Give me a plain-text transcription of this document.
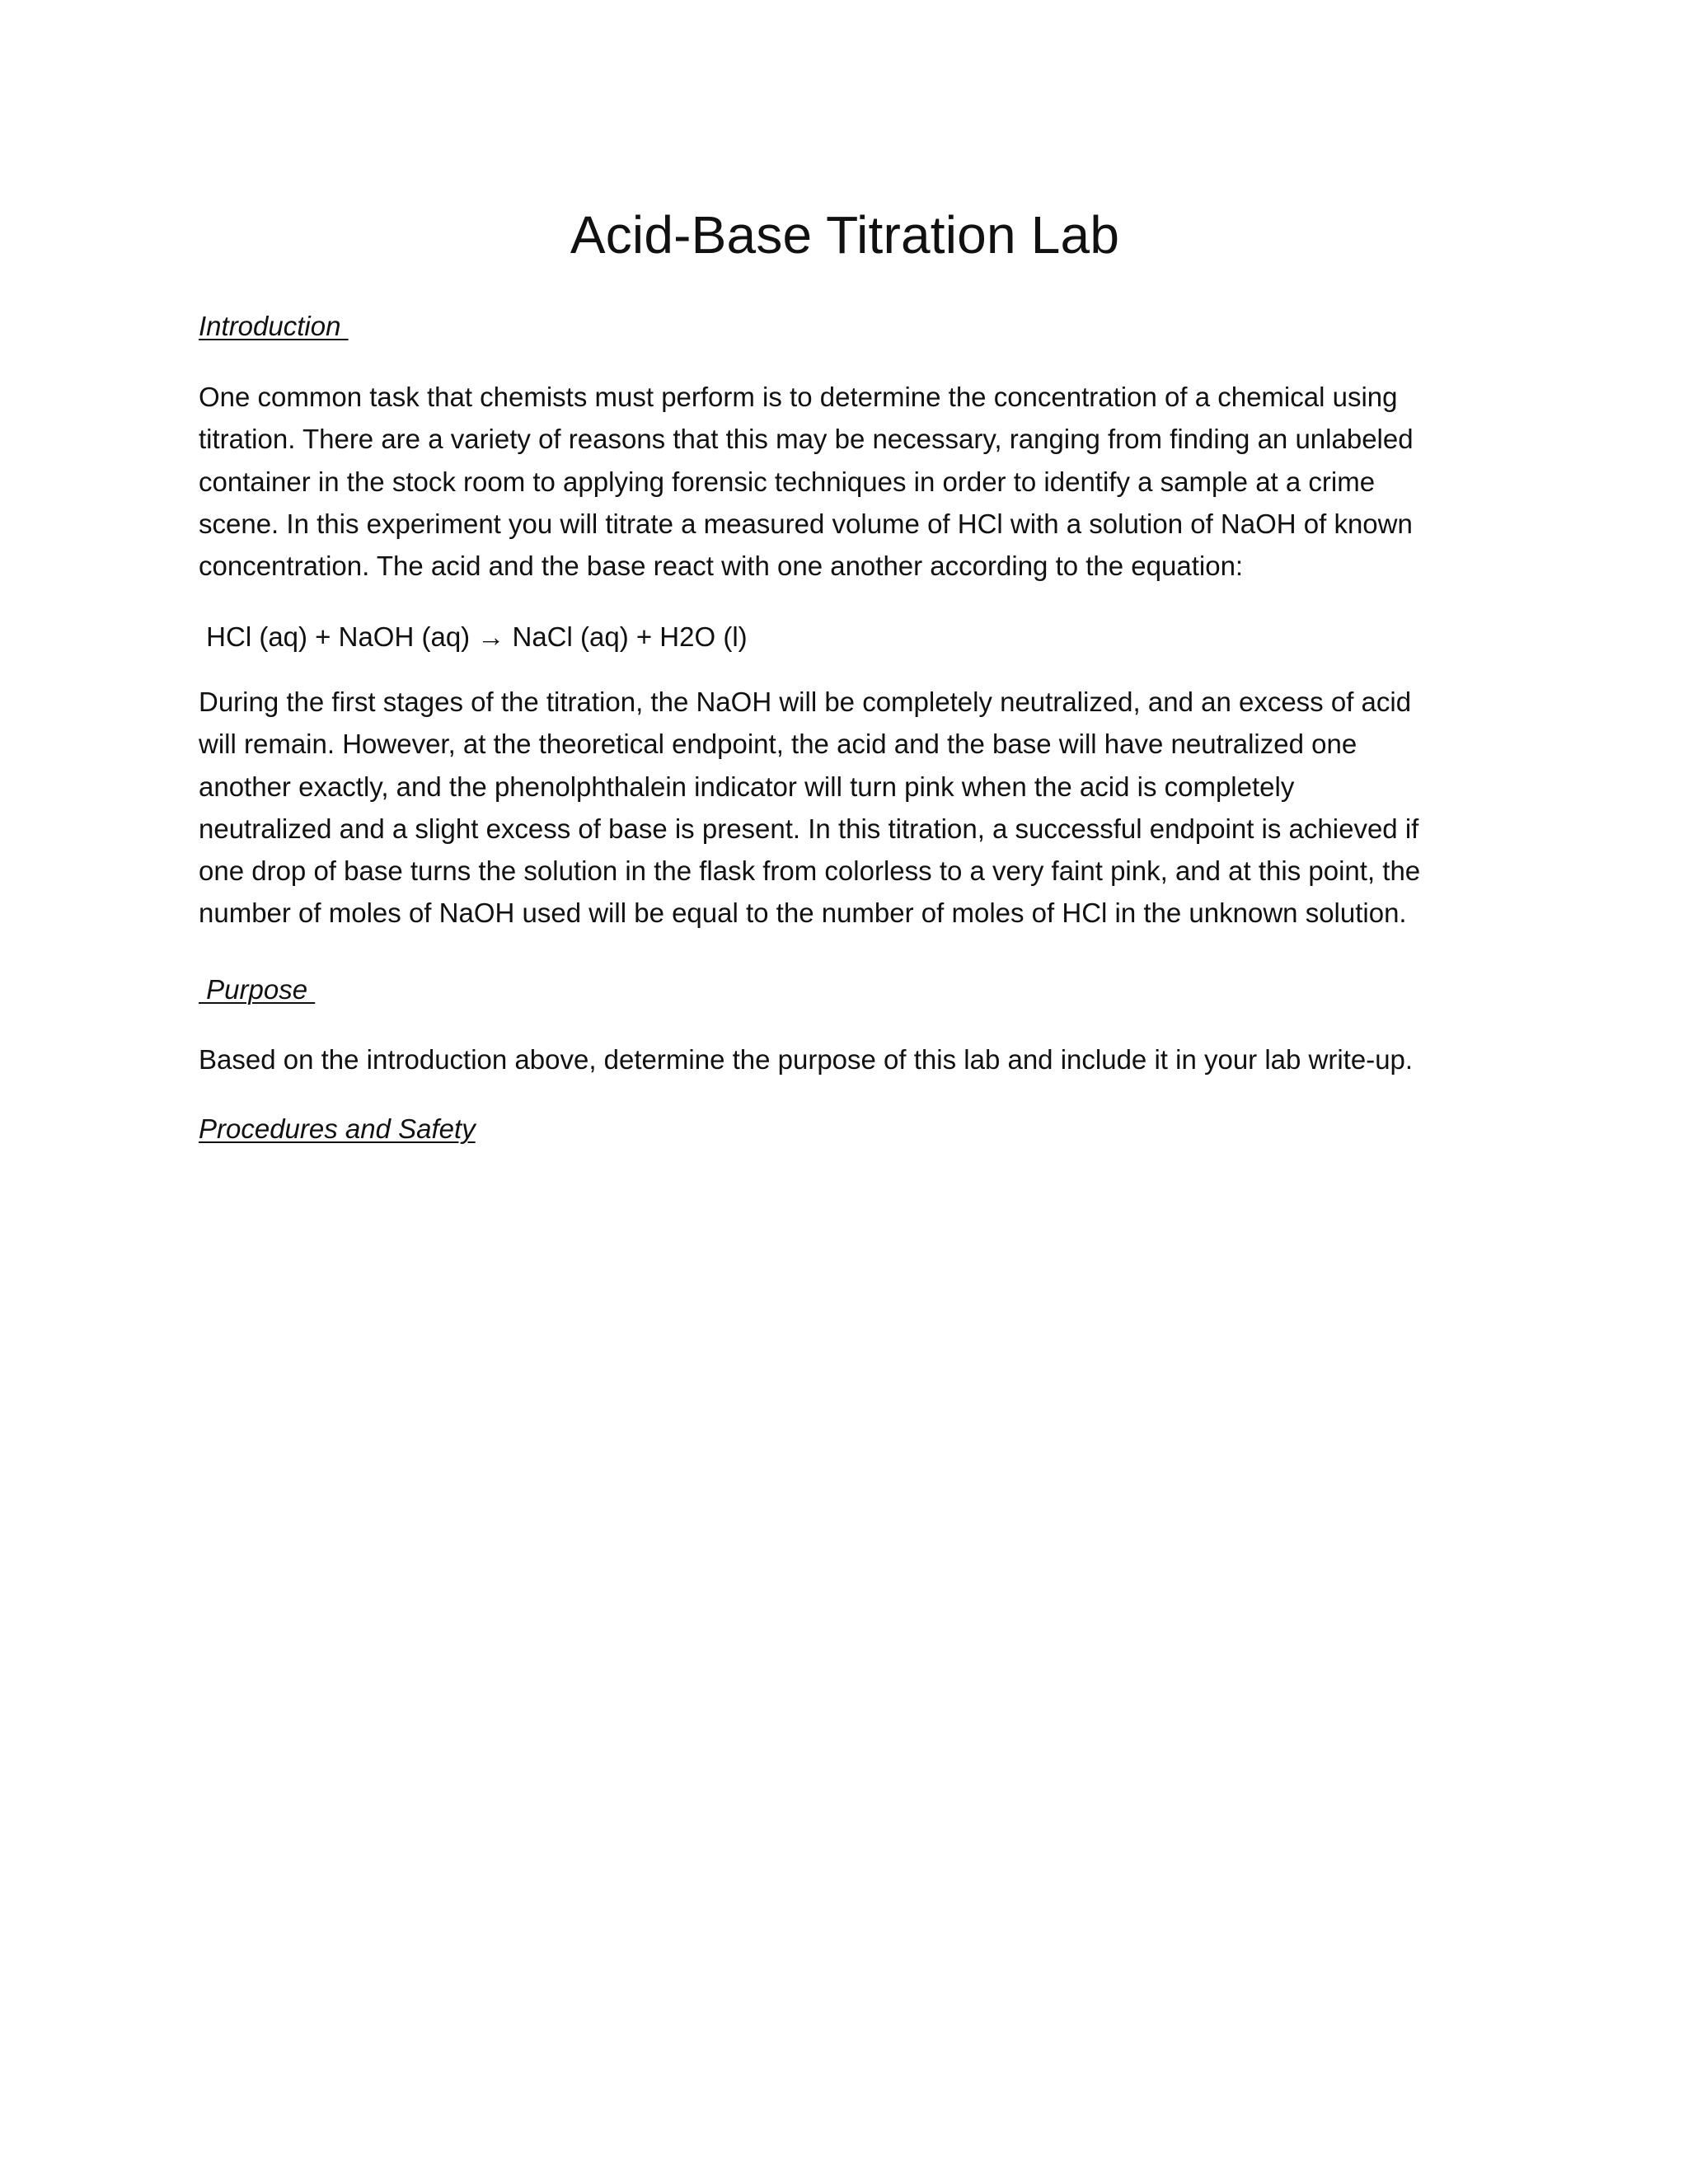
Acid-Base Titration Lab

Introduction

One common task that chemists must perform is to determine the concentration of a chemical using
titration. There are a variety of reasons that this may be necessary, ranging from finding an unlabeled
container in the stock room to applying forensic techniques in order to identify a sample at a crime
scene. In this experiment you will titrate a measured volume of HCl with a solution of NaOH of known
concentration. The acid and the base react with one another according to the equation:

HCl (aq) + NaOH (aq) → NaCl (aq) + H2O (l)

During the first stages of the titration, the NaOH will be completely neutralized, and an excess of acid
will remain. However, at the theoretical endpoint, the acid and the base will have neutralized one
another exactly, and the phenolphthalein indicator will turn pink when the acid is completely
neutralized and a slight excess of base is present. In this titration, a successful endpoint is achieved if
one drop of base turns the solution in the flask from colorless to a very faint pink, and at this point, the
number of moles of NaOH used will be equal to the number of moles of HCl in the unknown solution.

Purpose

Based on the introduction above, determine the purpose of this lab and include it in your lab write-up.

Procedures and Safety
